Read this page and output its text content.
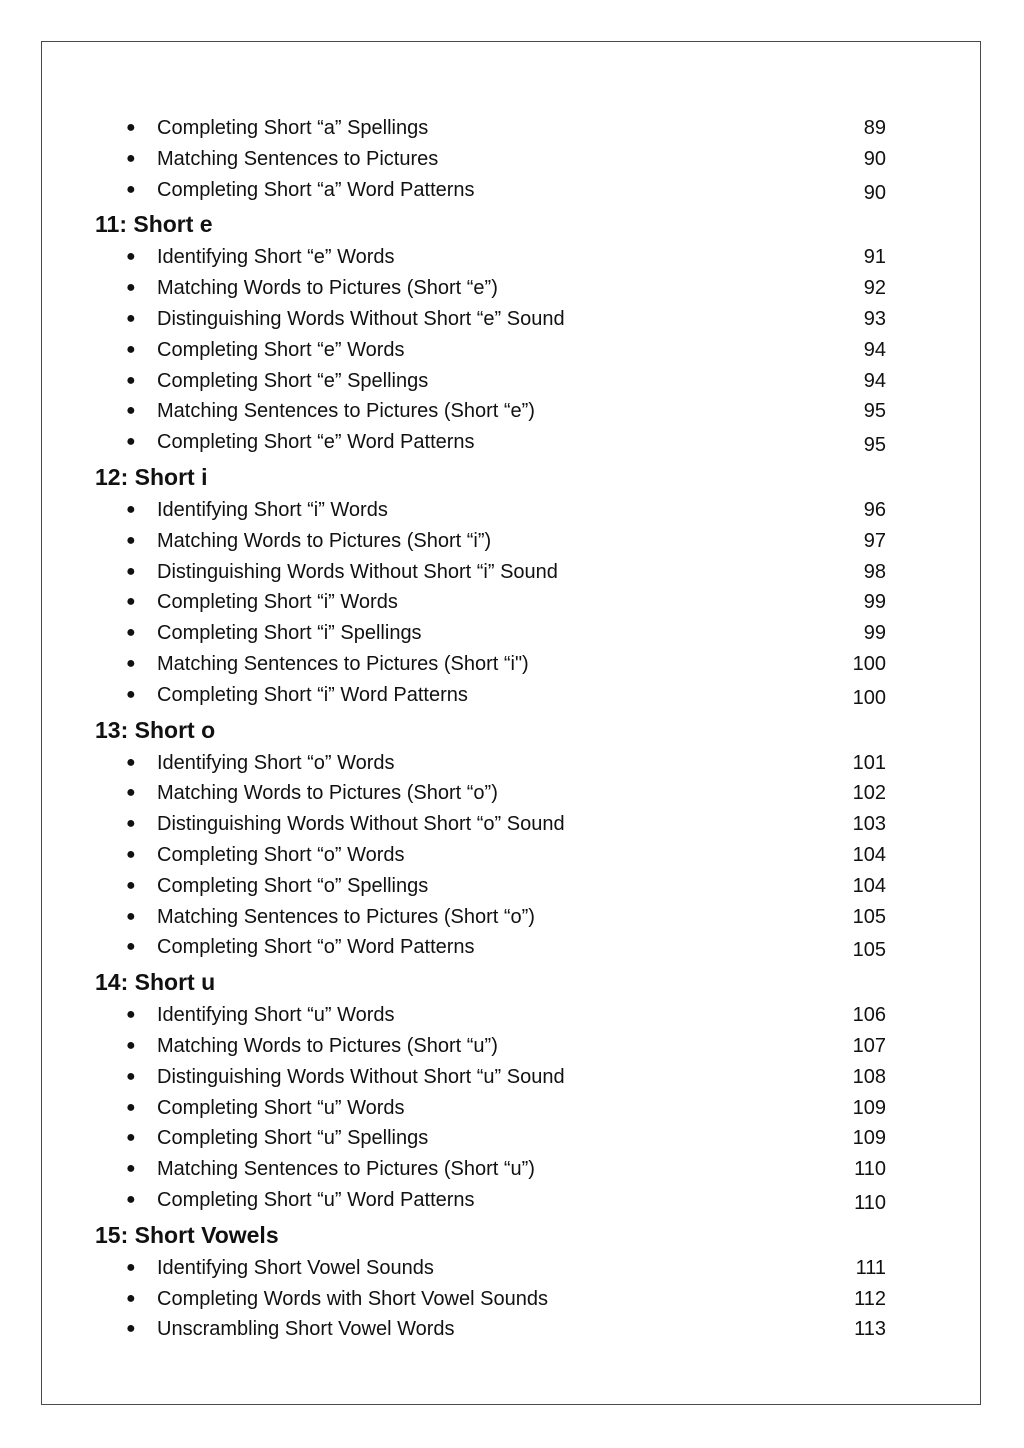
● Completing Short “a” Spellings	89
● Matching Sentences to Pictures	90
● Completing Short “a” Word Patterns	90
11: Short e
● Identifying Short “e” Words	91
● Matching Words to Pictures (Short “e”)	92
● Distinguishing Words Without Short “e” Sound	93
● Completing Short “e” Words	94
● Completing Short “e” Spellings	94
● Matching Sentences to Pictures (Short “e”)	95
● Completing Short “e” Word Patterns	95
12: Short i
● Identifying Short “i” Words	96
● Matching Words to Pictures (Short “i”)	97
● Distinguishing Words Without Short “i” Sound	98
● Completing Short “i” Words	99
● Completing Short “i” Spellings	99
● Matching Sentences to Pictures (Short “i")	100
● Completing Short “i” Word Patterns	100
13: Short o
● Identifying Short “o” Words	101
● Matching Words to Pictures (Short “o”)	102
● Distinguishing Words Without Short “o” Sound	103
● Completing Short “o” Words	104
● Completing Short “o” Spellings	104
● Matching Sentences to Pictures (Short “o”)	105
● Completing Short “o” Word Patterns	105
14: Short u
● Identifying Short “u” Words	106
● Matching Words to Pictures (Short “u”)	107
● Distinguishing Words Without Short “u” Sound	108
● Completing Short “u” Words	109
● Completing Short “u” Spellings	109
● Matching Sentences to Pictures (Short “u”)	110
● Completing Short “u” Word Patterns	110
15: Short Vowels
● Identifying Short Vowel Sounds	111
● Completing Words with Short Vowel Sounds	112
● Unscrambling Short Vowel Words	113
